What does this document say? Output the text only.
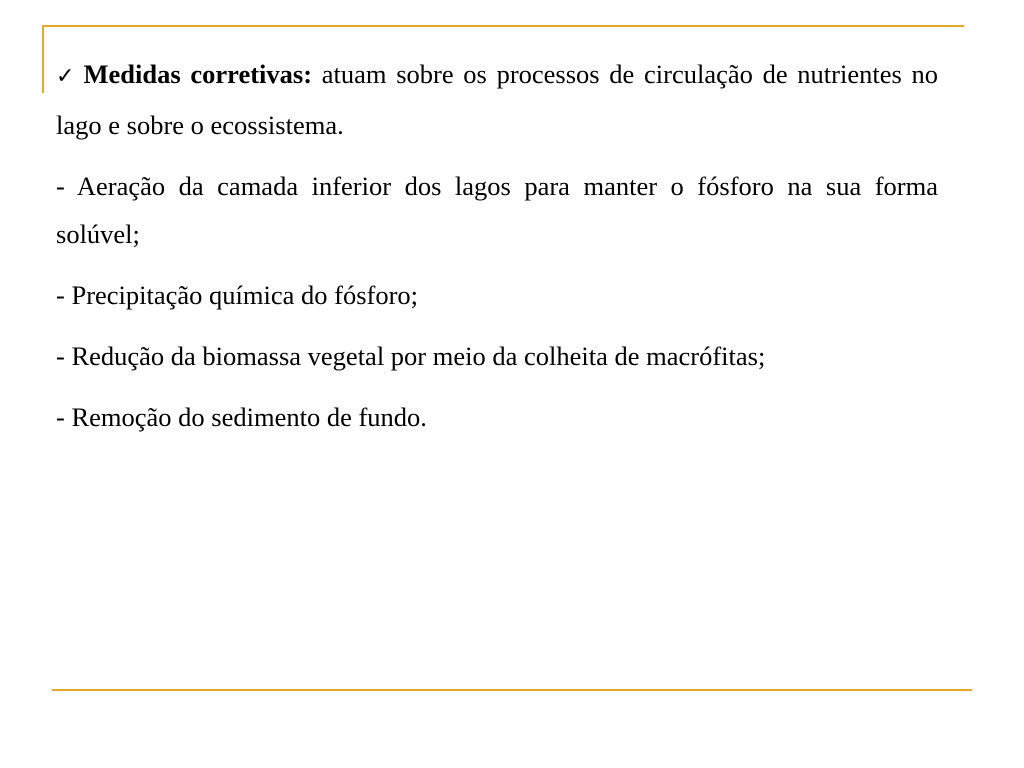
✓ Medidas corretivas: atuam sobre os processos de circulação de nutrientes no lago e sobre o ecossistema.

- Aeração da camada inferior dos lagos para manter o fósforo na sua forma solúvel;

- Precipitação química do fósforo;

- Redução da biomassa vegetal por meio da colheita de macrófitas;

- Remoção do sedimento de fundo.
